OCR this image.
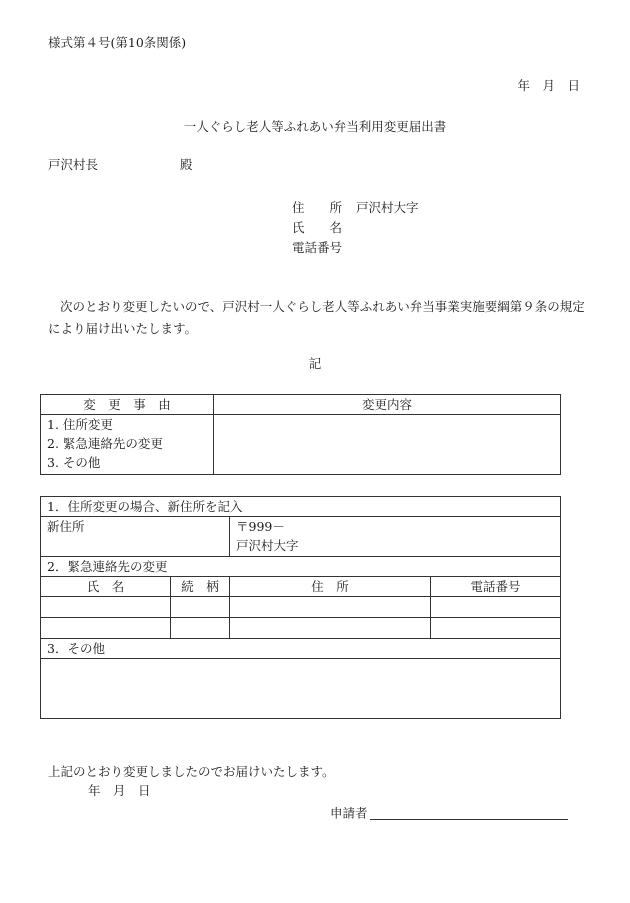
様式第４号(第10条関係)
年　月　日
一人ぐらし老人等ふれあい弁当利用変更届出書
戸沢村長	殿
住　　所	戸沢村大字
氏　　名
電話番号
次のとおり変更したいので、戸沢村一人ぐらし老人等ふれあい弁当事業実施要綱第９条の規定により届け出いたします。
記
変　更　事　由	変更内容

1. 住所変更
2. 緊急連絡先の変更
3. その他	

1．住所変更の場合、新住所を記入			
新住所		〒999－
戸沢村大字	

2．緊急連絡先の変更			
氏　名	続　柄	住　所	電話番号

3．その他			

上記のとおり変更しましたのでお届けいたします。
年　月　日
申請者
